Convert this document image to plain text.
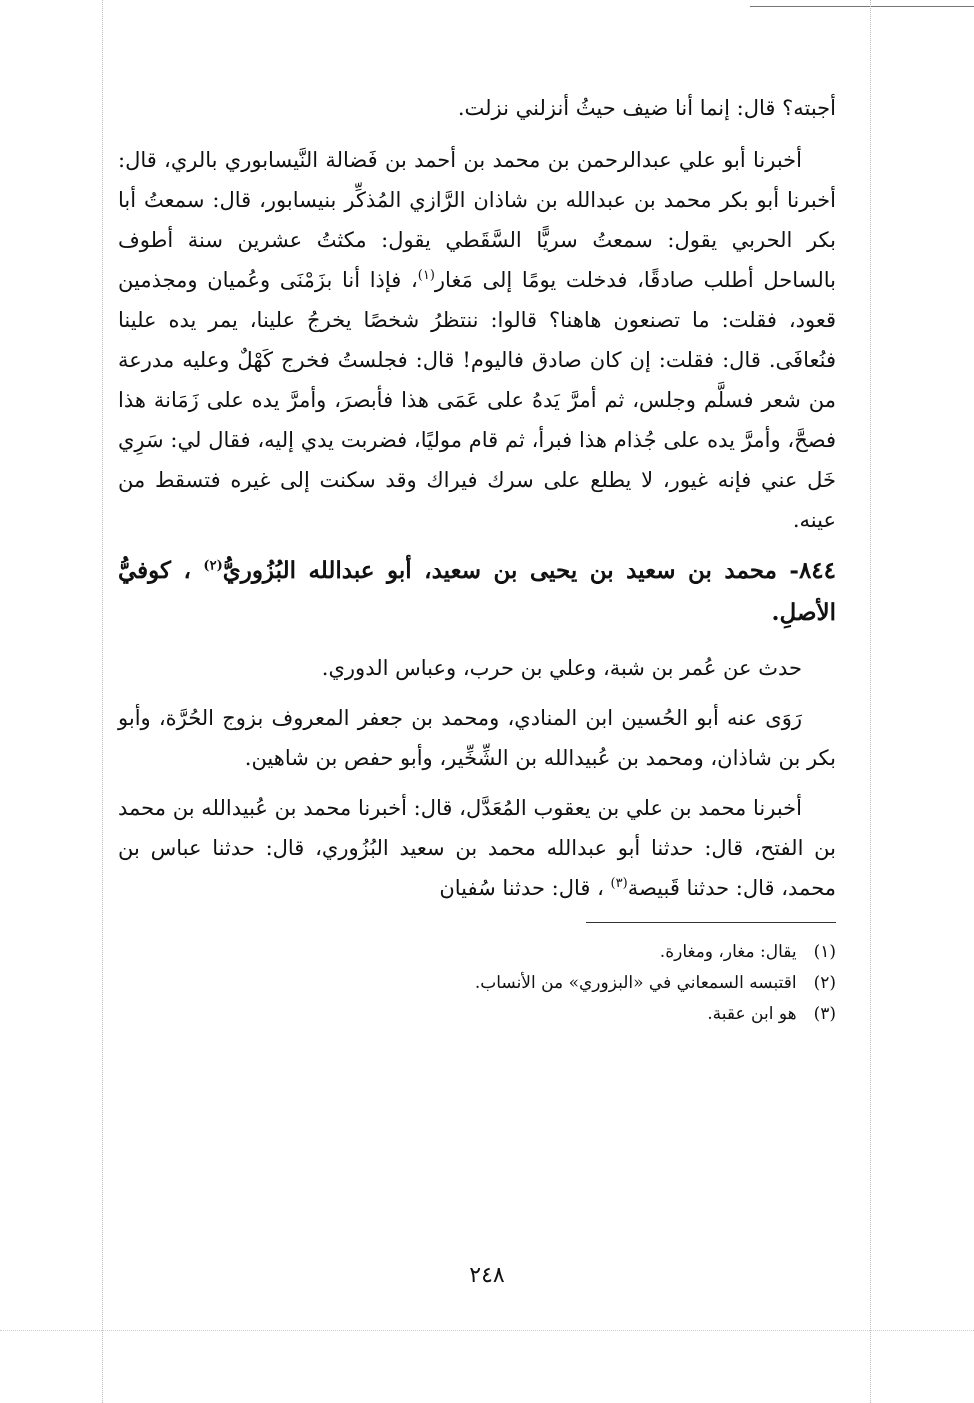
أجبته؟ قال: إنما أنا ضيف حيثُ أنزلني نزلت.

أخبرنا أبو علي عبدالرحمن بن محمد بن أحمد بن فَضالة النَّيسابوري بالري، قال: أخبرنا أبو بكر محمد بن عبدالله بن شاذان الرَّازي المُذكِّر بنيسابور، قال: سمعتُ أبا بكر الحربي يقول: سمعتُ سريًّا السَّقَطي يقول: مكثتُ عشرين سنة أطوف بالساحل أطلب صادقًا، فدخلت يومًا إلى مَغار$^{(١)}$، فإذا أنا بزَمْنَى وعُميان ومجذمين قعود، فقلت: ما تصنعون هاهنا؟ قالوا: ننتظرُ شخصًا يخرجُ علينا، يمر يده علينا فنُعافَى. قال: فقلت: إن كان صادق فاليوم! قال: فجلستُ فخرج كَهْلٌ وعليه مدرعة من شعر فسلَّم وجلس، ثم أمرَّ يَدهُ على عَمَى هذا فأبصرَ، وأمرَّ يده على زَمَانة هذا فصحَّ، وأمرَّ يده على جُذام هذا فبرأ، ثم قام موليًا، فضربت يدي إليه، فقال لي: سَرِي خَل عني فإنه غيور، لا يطلع على سرك فيراك وقد سكنت إلى غيره فتسقط من عينه.

٨٤٤- محمد بن سعيد بن يحيى بن سعيد، أبو عبدالله البُزُوريُّ$^{(٢)}$ ، كوفيُّ الأصلِ.

حدث عن عُمر بن شبة، وعلي بن حرب، وعباس الدوري.

رَوَى عنه أبو الحُسين ابن المنادي، ومحمد بن جعفر المعروف بزوج الحُرَّة، وأبو بكر بن شاذان، ومحمد بن عُبيدالله بن الشِّخِّير، وأبو حفص بن شاهين.

أخبرنا محمد بن علي بن يعقوب المُعَدَّل، قال: أخبرنا محمد بن عُبيدالله بن محمد بن الفتح، قال: حدثنا أبو عبدالله محمد بن سعيد البُزُوري، قال: حدثنا عباس بن محمد، قال: حدثنا قَبيصة$^{(٣)}$ ، قال: حدثنا سُفيان

(١) يقال: مغار، ومغارة.
(٢) اقتبسه السمعاني في «البزوري» من الأنساب.
(٣) هو ابن عقبة.
٢٤٨
